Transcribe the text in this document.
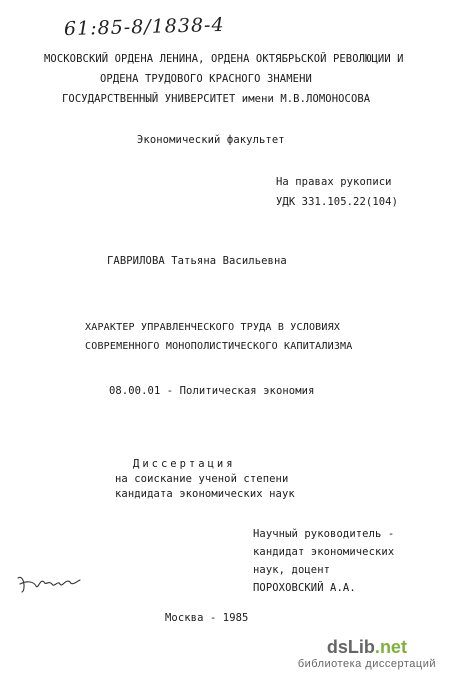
61:85-8/1838-4
МОСКОВСКИЙ ОРДЕНА ЛЕНИНА, ОРДЕНА ОКТЯБРЬСКОЙ РЕВОЛЮЦИИ И
ОРДЕНА ТРУДОВОГО КРАСНОГО ЗНАМЕНИ
ГОСУДАРСТВЕННЫЙ УНИВЕРСИТЕТ имени М.В.ЛОМОНОСОВА
Экономический факультет
На правах рукописи
УДК 331.105.22(104)
ГАВРИЛОВА Татьяна Васильевна
ХАРАКТЕР УПРАВЛЕНЧЕСКОГО ТРУДА В УСЛОВИЯХ
СОВРЕМЕННОГО МОНОПОЛИСТИЧЕСКОГО КАПИТАЛИЗМА
08.00.01 - Политическая экономия
Диссертация
на соискание ученой степени
кандидата экономических наук
Научный руководитель -
кандидат экономических
наук, доцент
ПОРОХОВСКИЙ А.А.
Москва - 1985
dsLib.net
библиотека диссертаций
